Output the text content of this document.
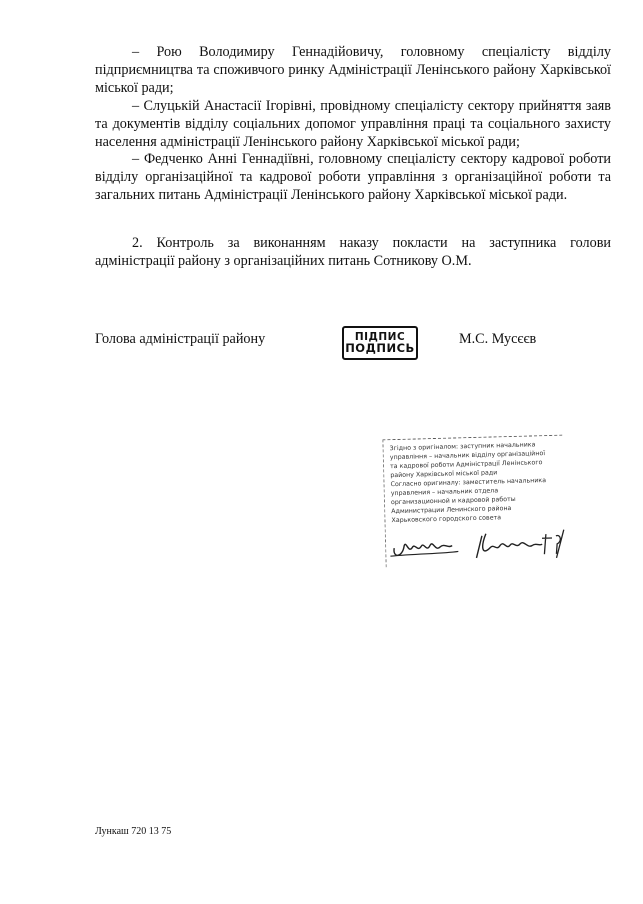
– Рою Володимиру Геннадійовичу, головному спеціалісту відділу підприємництва та споживчого ринку Адміністрації Ленінського району Харківської міської ради;

– Слуцькій Анастасії Ігорівні, провідному спеціалісту сектору прийняття заяв та документів відділу соціальних допомог управління праці та соціального захисту населення адміністрації Ленінського району Харківської міської ради;

– Федченко Анні Геннадіївні, головному спеціалісту сектору кадрової роботи відділу організаційної та кадрової роботи управління з організаційної роботи та загальних питань Адміністрації Ленінського району Харківської міської ради.

2. Контроль за виконанням наказу покласти на заступника голови адміністрації району з організаційних питань Сотникову О.М.

Голова адміністрації району	ПІДПИС
ПОДПИСЬ
М.С. Мусєєв
Згідно з оригіналом: заступник начальника
управління – начальник відділу організаційної
та кадрової роботи Адміністрації Ленінського
району Харківської міської ради
Согласно оригиналу: заместитель начальника
управления – начальник отдела
организационной и кадровой работы
Администрации Ленинского района
Харьковского городского совета
Лункаш 720 13 75
